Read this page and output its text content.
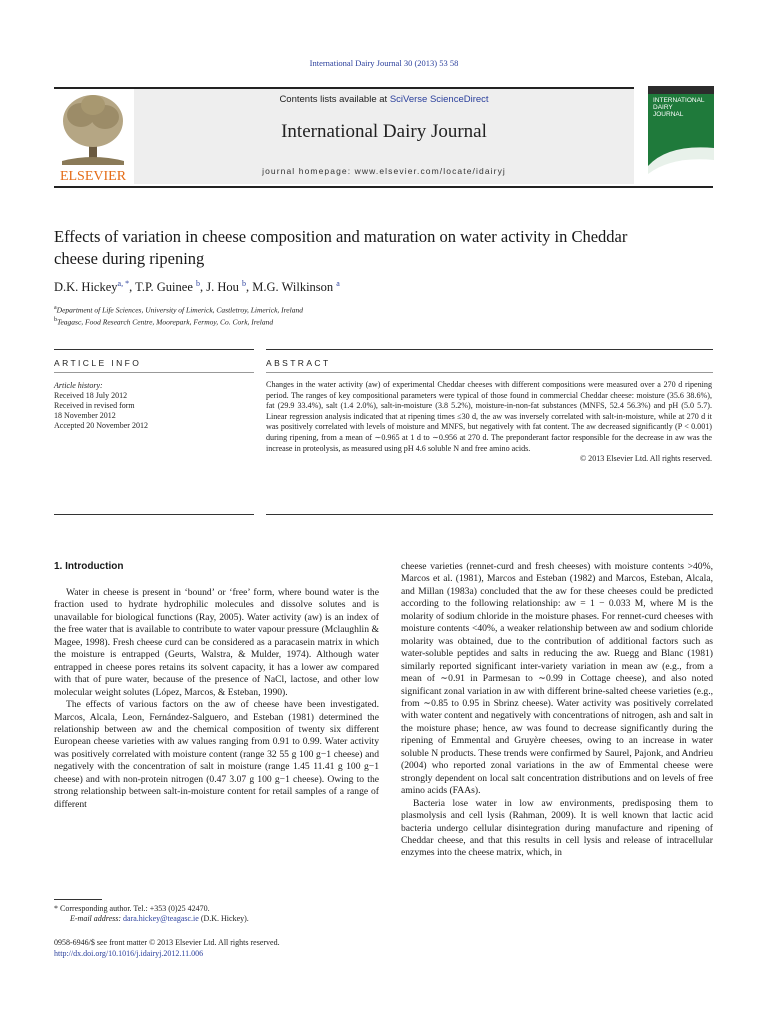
International Dairy Journal 30 (2013) 53 58
ELSEVIER
Contents lists available at SciVerse ScienceDirect
International Dairy Journal
journal homepage: www.elsevier.com/locate/idairyj
INTERNATIONAL
DAIRY
JOURNAL
Effects of variation in cheese composition and maturation on water activity in Cheddar cheese during ripening
D.K. Hickey$^{a, *}$, T.P. Guinee $^b$, J. Hou $^b$, M.G. Wilkinson $^a$
$^a$Department of Life Sciences, University of Limerick, Castletroy, Limerick, Ireland
$^b$Teagasc, Food Research Centre, Moorepark, Fermoy, Co. Cork, Ireland
ARTICLE INFO	ABSTRACT
Article history:
Received 18 July 2012
Received in revised form
18 November 2012
Accepted 20 November 2012
Changes in the water activity (aw) of experimental Cheddar cheeses with different compositions were measured over a 270 d ripening period. The ranges of key compositional parameters were typical of those found in commercial Cheddar cheese: moisture (35.6 38.6%), fat (29.9 33.4%), salt (1.4 2.0%), salt-in-moisture (3.8 5.2%), moisture-in-non-fat substances (MNFS, 52.4 56.3%) and pH (5.0 5.7). Linear regression analysis indicated that at ripening times ≤30 d, the aw was inversely correlated with salt-in-moisture, while at 270 d it was positively correlated with levels of moisture and MNFS, but negatively with fat content. The aw decreased significantly (P < 0.001) during ripening, from a mean of ∼0.965 at 1 d to ∼0.956 at 270 d. The preponderant factor responsible for the decrease in aw was the increase in proteolysis, as measured using pH 4.6 soluble N and free amino acids.
© 2013 Elsevier Ltd. All rights reserved.
1. Introduction

Water in cheese is present in ‘bound’ or ‘free’ form, where bound water is the fraction used to hydrate hydrophilic molecules and dissolve solutes and is unavailable for biological functions (Ray, 2005). Water activity (aw) is an index of the free water that is available to contribute to water vapour pressure (Mclaughlin & Magee, 1998). Fresh cheese curd can be considered as a paracasein matrix in which the moisture is entrapped (Geurts, Walstra, & Mulder, 1974). Although water entrapped in cheese pores retains its solvent capacity, it has a lower aw compared with that of pure water, because of the presence of NaCl, lactose, and other low molecular weight solutes (López, Marcos, & Esteban, 1990).

The effects of various factors on the aw of cheese have been investigated. Marcos, Alcala, Leon, Fernández-Salguero, and Esteban (1981) determined the relationship between aw and the chemical composition of twenty six different European cheese varieties with aw values ranging from 0.91 to 0.99. Water activity was positively correlated with moisture content (range 32 55 g 100 g−1 cheese) and negatively with the concentration of salt in moisture (range 1.45 11.41 g 100 g−1 cheese) and with non-protein nitrogen (0.47 3.07 g 100 g−1 cheese). Owing to the strong relationship between salt-in-moisture content for retail samples of a range of different

cheese varieties (rennet-curd and fresh cheeses) with moisture contents >40%, Marcos et al. (1981), Marcos and Esteban (1982) and Marcos, Esteban, Alcala, and Millan (1983a) concluded that the aw for these cheeses could be predicted according to the following relationship: aw = 1 − 0.033 M, where M is the molarity of sodium chloride in the moisture phases. For rennet-curd cheeses with moisture contents <40%, a weaker relationship between aw and sodium chloride molarity was obtained, due to the contribution of additional factors such as water-soluble peptides and salts in reducing the aw. Ruegg and Blanc (1981) similarly reported significant inter-variety variation in mean aw (e.g., from a mean of ∼0.91 in Parmesan to ∼0.99 in Cottage cheese), and also noted significant zonal variation in aw with different brine-salted cheese varieties (e.g., from ∼0.85 to 0.95 in Sbrinz cheese). Water activity was positively correlated with water content and negatively with concentrations of nitrogen, ash and salt in the moisture phase; hence, aw was found to decrease significantly during the ripening of Emmental and Gruyère cheeses, owing to an increase in water soluble N products. These trends were confirmed by Saurel, Pajonk, and Andrieu (2004) who reported zonal variations in the aw of Emmental cheese were strongly dependent on local salt concentration distributions and on levels of free amino acids (FAAs).

Bacteria lose water in low aw environments, predisposing them to plasmolysis and cell lysis (Rahman, 2009). It is well known that lactic acid bacteria undergo cellular disintegration during manufacture and ripening of Cheddar cheese, and that this results in cell lysis and release of intracellular enzymes into the cheese matrix, which, in

* Corresponding author. Tel.: +353 (0)25 42470.
E-mail address: dara.hickey@teagasc.ie (D.K. Hickey).
0958-6946/$ see front matter © 2013 Elsevier Ltd. All rights reserved.
http://dx.doi.org/10.1016/j.idairyj.2012.11.006
